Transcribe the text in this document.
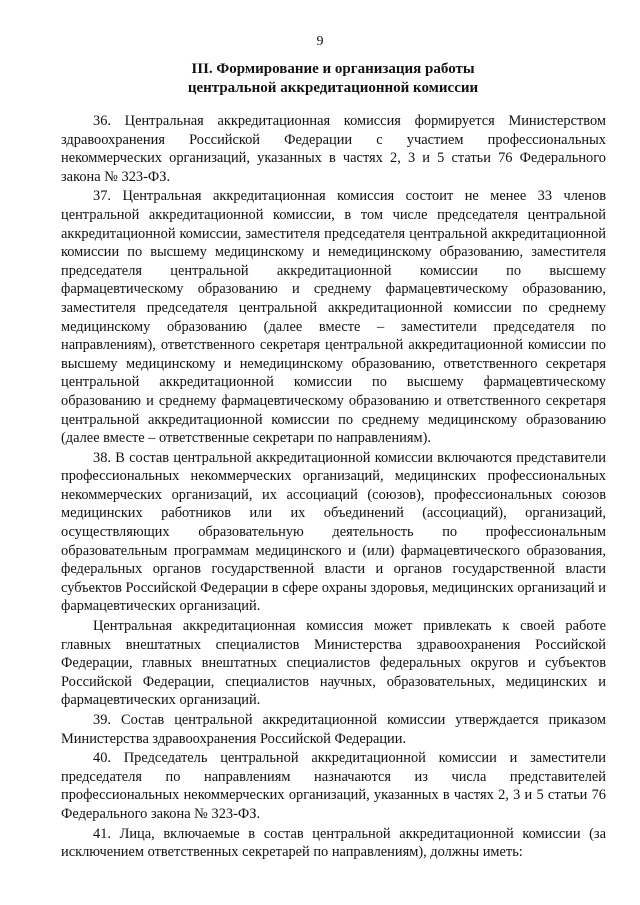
9
III. Формирование и организация работы
центральной аккредитационной комиссии

36. Центральная аккредитационная комиссия формируется Министерством здравоохранения Российской Федерации с участием профессиональных некоммерческих организаций, указанных в частях 2, 3 и 5 статьи 76 Федерального закона № 323-ФЗ.

37. Центральная аккредитационная комиссия состоит не менее 33 членов центральной аккредитационной комиссии, в том числе председателя центральной аккредитационной комиссии, заместителя председателя центральной аккредитационной комиссии по высшему медицинскому и немедицинскому образованию, заместителя председателя центральной аккредитационной комиссии по высшему фармацевтическому образованию и среднему фармацевтическому образованию, заместителя председателя центральной аккредитационной комиссии по среднему медицинскому образованию (далее вместе – заместители председателя по направлениям), ответственного секретаря центральной аккредитационной комиссии по высшему медицинскому и немедицинскому образованию, ответственного секретаря центральной аккредитационной комиссии по высшему фармацевтическому образованию и среднему фармацевтическому образованию и ответственного секретаря центральной аккредитационной комиссии по среднему медицинскому образованию (далее вместе – ответственные секретари по направлениям).

38. В состав центральной аккредитационной комиссии включаются представители профессиональных некоммерческих организаций, медицинских профессиональных некоммерческих организаций, их ассоциаций (союзов), профессиональных союзов медицинских работников или их объединений (ассоциаций), организаций, осуществляющих образовательную деятельность по профессиональным образовательным программам медицинского и (или) фармацевтического образования, федеральных органов государственной власти и органов государственной власти субъектов Российской Федерации в сфере охраны здоровья, медицинских организаций и фармацевтических организаций.

Центральная аккредитационная комиссия может привлекать к своей работе главных внештатных специалистов Министерства здравоохранения Российской Федерации, главных внештатных специалистов федеральных округов и субъектов Российской Федерации, специалистов научных, образовательных, медицинских и фармацевтических организаций.

39. Состав центральной аккредитационной комиссии утверждается приказом Министерства здравоохранения Российской Федерации.

40. Председатель центральной аккредитационной комиссии и заместители председателя по направлениям назначаются из числа представителей профессиональных некоммерческих организаций, указанных в частях 2, 3 и 5 статьи 76 Федерального закона № 323-ФЗ.

41. Лица, включаемые в состав центральной аккредитационной комиссии (за исключением ответственных секретарей по направлениям), должны иметь:
